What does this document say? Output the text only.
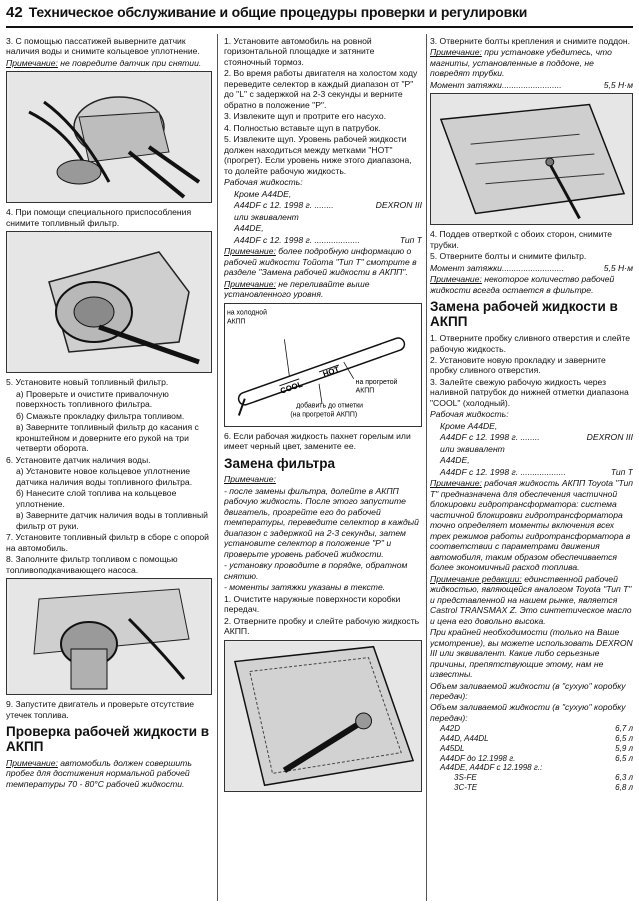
42 Техническое обслуживание и общие процедуры проверки и регулировки

3. С помощью пассатижей выверните датчик наличия воды и снимите кольцевое уплотнение.

Примечание: не повредите датчик при снятии.

4. При помощи специального приспособления снимите топливный фильтр.

5. Установите новый топливный фильтр.

а) Проверьте и очистите привалочную поверхность топливного фильтра.

б) Смажьте прокладку фильтра топливом.

в) Заверните топливный фильтр до касания с кронштейном и доверните его рукой на три четверти оборота.

6. Установите датчик наличия воды.

а) Установите новое кольцевое уплотнение датчика наличия воды топливного фильтра.

б) Нанесите слой топлива на кольцевое уплотнение.

в) Заверните датчик наличия воды в топливный фильтр от руки.

7. Установите топливный фильтр в сборе с опорой на автомобиль.

8. Заполните фильтр топливом с помощью топливоподкачивающего насоса.

9. Запустите двигатель и проверьте отсутствие утечек топлива.

Проверка рабочей жидкости в АКПП

Примечание: автомобиль должен совершить пробег для достижения нормальной рабочей температуры 70 - 80°С рабочей жидкости.

1. Установите автомобиль на ровной горизонтальной площадке и затяните стояночный тормоз.

2. Во время работы двигателя на холостом ходу переведите селектор в каждый диапазон от "Р" до "L" с задержкой на 2-3 секунды и верните обратно в положение "Р".

3. Извлеките щуп и протрите его насухо.

4. Полностью вставьте щуп в патрубок.

5. Извлеките щуп. Уровень рабочей жидкости должен находиться между метками "НОТ" (прогрет). Если уровень ниже этого диапазона, то долейте рабочую жидкость.

Рабочая жидкость:

Кроме A44DE,

A44DF с 12. 1998 г. ........	DEXRON III

или эквивалент

A44DE,

A44DF с 12. 1998 г. ...................	Тип Т

Примечание: более подробную информацию о рабочей жидкости Тойота "Тип Т" смотрите в разделе "Замена рабочей жидкости в АКПП".

Примечание: не переливайте выше установленного уровня.

COOL
HOT
на холодной АКПП
на прогретой АКПП
добавить до отметки (на прогретой АКПП)

6. Если рабочая жидкость пахнет горелым или имеет черный цвет, замените ее.

Замена фильтра

Примечание:

- после замены фильтра, долейте в АКПП рабочую жидкость. После этого запустите двигатель, прогрейте его до рабочей температуры, переведите селектор в каждый диапазон с задержкой на 2-3 секунды, затем установите селектор в положение "Р" и проверьте уровень рабочей жидкости.

- установку проводите в порядке, обратном снятию.

- моменты затяжки указаны в тексте.

1. Очистите наружные поверхности коробки передач.

2. Отверните пробку и слейте рабочую жидкость АКПП.

3. Отверните болты крепления и снимите поддон.

Примечание: при установке убедитесь, что магниты, установленные в поддоне, не повредят трубки.

Момент затяжки.........................	5,5 Н·м

4. Поддев отверткой с обоих сторон, снимите трубки.

5. Отверните болты и снимите фильтр.

Момент затяжки..........................	5,5 Н·м

Примечание: некоторое количество рабочей жидкости всегда остается в фильтре.

Замена рабочей жидкости в АКПП

1. Отверните пробку сливного отверстия и слейте рабочую жидкость.

2. Установите новую прокладку и заверните пробку сливного отверстия.

3. Залейте свежую рабочую жидкость через наливной патрубок до нижней отметки диапазона "COOL" (холодный).

Рабочая жидкость:

Кроме A44DE,

A44DF с 12. 1998 г. ........	DEXRON III

или эквивалент

A44DE,

A44DF с 12. 1998 г. ...................	Тип Т

Примечание: рабочая жидкость АКПП Toyota "Тип Т" предназначена для обеспечения частичной блокировки гидротрансформатора: система частичной блокировки гидротрансформатора точно определяет моменты включения всех трех режимов работы гидротрансформатора в соответствии с параметрами движения автомобиля, таким образом обеспечивается более экономичный расход топлива.

Примечание редакции: единственной рабочей жидкостью, являющейся аналогом Toyota "Тип Т" и представленной на нашем рынке, является Castrol TRANSMAX Z. Это синтетическое масло и цена его довольно высока.

При крайней необходимости (только на Ваше усмотрение), вы можете использовать DEXRON III или эквивалент. Какие либо серьезные причины, препятствующие этому, нам не известны.

Объем заливаемой жидкости (в "сухую" коробку передач):

Объем заливаемой жидкости (в "сухую" коробку передач):

A42D	6,7 л
A44D, A44DL	6,5 л
A45DL	5,9 л
A44DF до 12.1998 г.	6,5 л
A44DE, A44DF с 12.1998 г.:
3S-FE	6,3 л
3C-TE	6,8 л
